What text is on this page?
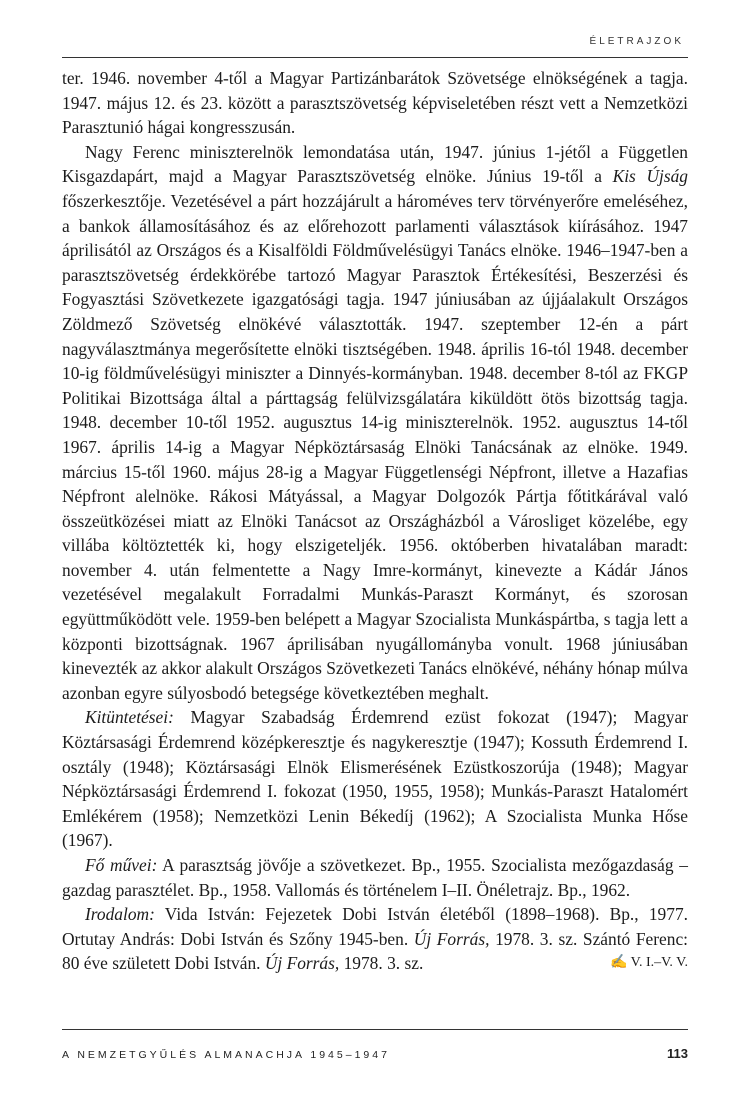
ÉLETRAJZOK

ter. 1946. november 4-től a Magyar Partizánbarátok Szövetsége elnökségének a tagja. 1947. május 12. és 23. között a parasztszövetség képviseletében részt vett a Nemzetközi Parasztunió hágai kongresszusán.

Nagy Ferenc miniszterelnök lemondatása után, 1947. június 1-jétől a Független Kisgazdapárt, majd a Magyar Parasztszövetség elnöke. Június 19-től a Kis Újság főszerkesztője. Vezetésével a párt hozzájárult a hároméves terv törvényerőre emeléséhez, a bankok államosításához és az előrehozott parlamenti választások kiírásához. 1947 áprilisától az Országos és a Kisalföldi Földművelésügyi Tanács elnöke. 1946–1947-ben a parasztszövetség érdekkörébe tartozó Magyar Parasztok Értékesítési, Beszerzési és Fogyasztási Szövetkezete igazgatósági tagja. 1947 júniusában az újjáalakult Országos Zöldmező Szövetség elnökévé választották. 1947. szeptember 12-én a párt nagyválasztmánya megerősítette elnöki tisztségében. 1948. április 16-tól 1948. december 10-ig földművelésügyi miniszter a Dinnyés-kormányban. 1948. december 8-tól az FKGP Politikai Bizottsága által a párttagság felülvizsgálatára kiküldött ötös bizottság tagja. 1948. december 10-től 1952. augusztus 14-ig miniszterelnök. 1952. augusztus 14-től 1967. április 14-ig a Magyar Népköztársaság Elnöki Tanácsának az elnöke. 1949. március 15-től 1960. május 28-ig a Magyar Függetlenségi Népfront, illetve a Hazafias Népfront alelnöke. Rákosi Mátyással, a Magyar Dolgozók Pártja főtitkárával való összeütközései miatt az Elnöki Tanácsot az Országházból a Városliget közelébe, egy villába költöztették ki, hogy elszigeteljék. 1956. októberben hivatalában maradt: november 4. után felmentette a Nagy Imre-kormányt, kinevezte a Kádár János vezetésével megalakult Forradalmi Munkás-Paraszt Kormányt, és szorosan együttműködött vele. 1959-ben belépett a Magyar Szocialista Munkáspártba, s tagja lett a központi bizottságnak. 1967 áprilisában nyugállományba vonult. 1968 júniusában kinevezték az akkor alakult Országos Szövetkezeti Tanács elnökévé, néhány hónap múlva azonban egyre súlyosbodó betegsége következtében meghalt.

Kitüntetései: Magyar Szabadság Érdemrend ezüst fokozat (1947); Magyar Köztársasági Érdemrend középkeresztje és nagykeresztje (1947); Kossuth Érdemrend I. osztály (1948); Köztársasági Elnök Elismerésének Ezüstkoszorúja (1948); Magyar Népköztársasági Érdemrend I. fokozat (1950, 1955, 1958); Munkás-Paraszt Hatalomért Emlékérem (1958); Nemzetközi Lenin Békedíj (1962); A Szocialista Munka Hőse (1967).

Fő művei: A parasztság jövője a szövetkezet. Bp., 1955. Szocialista mezőgazdaság – gazdag parasztélet. Bp., 1958. Vallomás és történelem I–II. Önéletrajz. Bp., 1962.

Irodalom: Vida István: Fejezetek Dobi István életéből (1898–1968). Bp., 1977. Ortutay András: Dobi István és Szőny 1945-ben. Új Forrás, 1978. 3. sz. Szántó Ferenc: 80 éve született Dobi István. Új Forrás, 1978. 3. sz.	✍ V. I.–V. V.

A NEMZETGYŰLÉS ALMANACHJA 1945–1947	113
